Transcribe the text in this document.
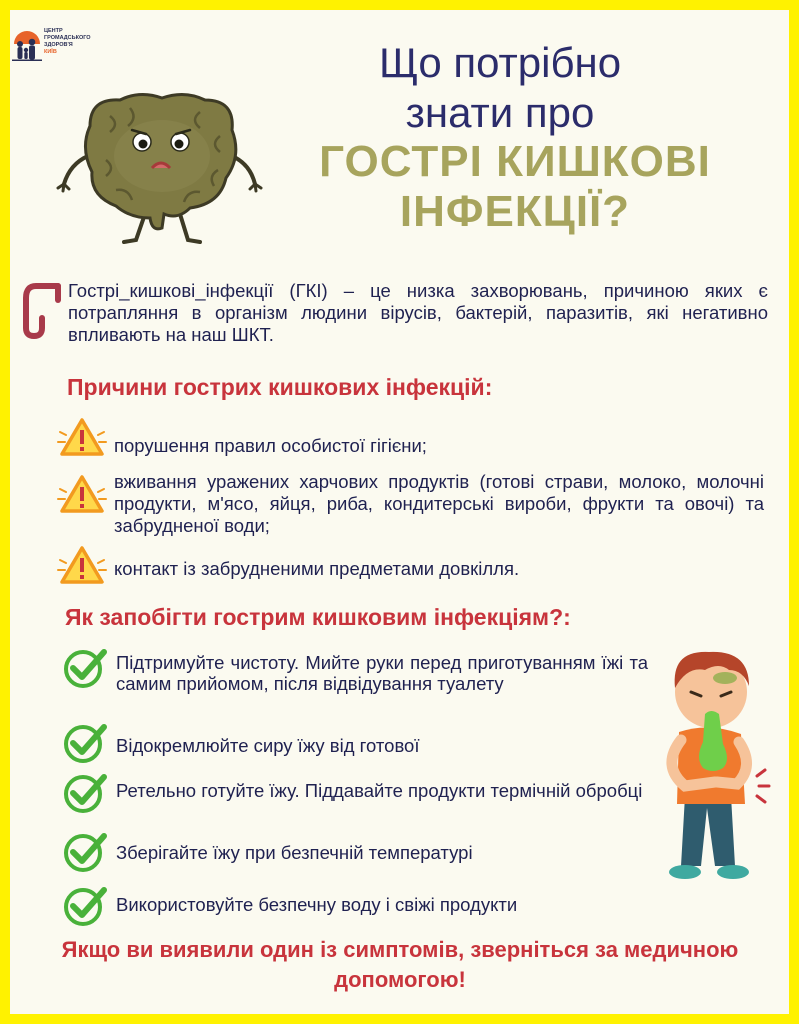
ЦЕНТР
ГРОМАДСЬКОГО
ЗДОРОВ'Я
КИЇВ	Що потрібно
знати про
ГОСТРІ КИШКОВІ
ІНФЕКЦІЇ?
Гострі_кишкові_інфекції (ГКІ) – це низка захворювань, причиною яких є потрапляння в організм людини вірусів, бактерій, паразитів, які негативно впливають на наш ШКТ.
Причини гострих кишкових інфекцій:
порушення правил особистої гігієни;
вживання уражених харчових продуктів (готові страви, молоко, молочні продукти, м'ясо, яйця, риба, кондитерські вироби, фрукти та овочі) та забрудненої води;
контакт із забрудненими предметами довкілля.
Як запобігти гострим кишковим інфекціям?:
Підтримуйте чистоту. Мийте руки перед приготуванням їжі та самим прийомом, після відвідування туалету
Відокремлюйте сиру їжу від готової
Ретельно готуйте їжу. Піддавайте продукти термічній обробці
Зберігайте їжу при безпечній температурі
Використовуйте безпечну воду і свіжі продукти
Якщо ви виявили один із симптомів, зверніться за медичною допомогою!
